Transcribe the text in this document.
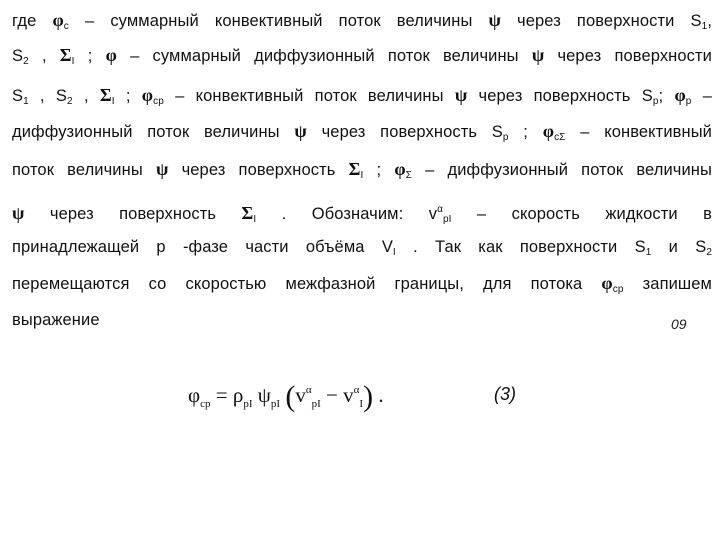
где $\varphi_c$ – суммарный конвективный поток величины ψ через поверхности $S_1$,
$S_2$ , $\Sigma_I$ ; φ – суммарный диффузионный поток величины ψ через поверхности
$S_1$ , $S_2$ , $\Sigma_I$ ; $\varphi_{cp}$ – конвективный поток величины ψ через поверхность $S_p$; $\varphi_p$ –
диффузионный поток величины ψ через поверхность $S_p$ ; $\varphi_{c\Sigma}$ – конвективный
поток величины ψ через поверхность $\Sigma_I$ ; $\varphi_\Sigma$ – диффузионный поток величины
ψ через поверхность $\Sigma_I$ . Обозначим: $v^\alpha_{pI}$ – скорость жидкости в
принадлежащей p -фазе части объёма $V_I$ . Так как поверхности $S_1$ и $S_2$
перемещаются со скоростью межфазной границы, для потока $\varphi_{cp}$ запишем
выражение	09
$\varphi_{cp} = \rho_{pI}$ $\psi_{pI}$ $(v^\alpha_{pI} - v^\alpha_I)$ .	(3)
